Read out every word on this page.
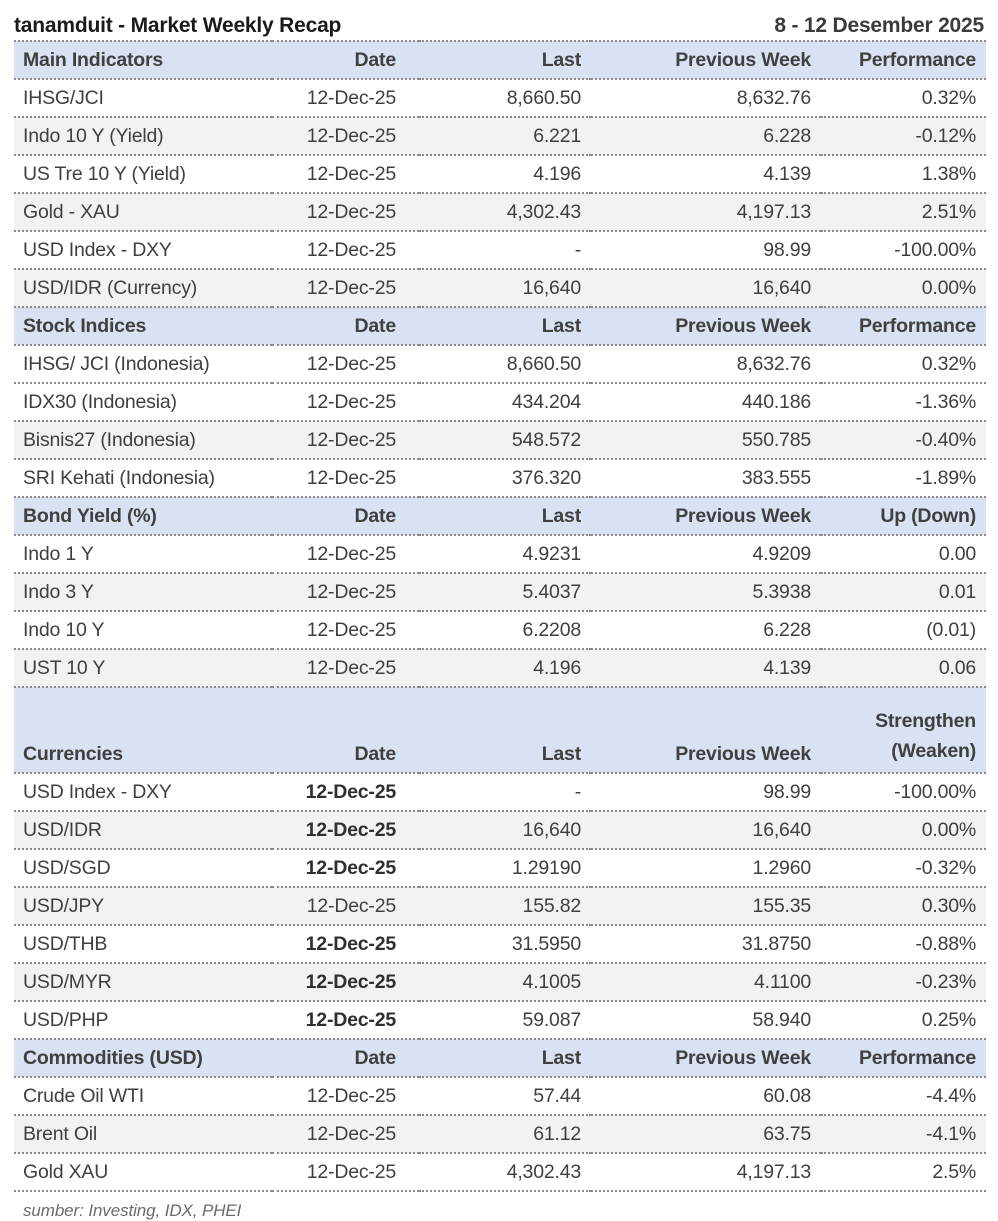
tanamduit - Market Weekly Recap	8 - 12 Desember 2025
Main Indicators	Date	Last	Previous Week	Performance
IHSG/JCI	12-Dec-25	8,660.50	8,632.76	0.32%
Indo 10 Y (Yield)	12-Dec-25	6.221	6.228	-0.12%
US Tre 10 Y (Yield)	12-Dec-25	4.196	4.139	1.38%
Gold - XAU	12-Dec-25	4,302.43	4,197.13	2.51%
USD Index - DXY	12-Dec-25	-	98.99	-100.00%
USD/IDR (Currency)	12-Dec-25	16,640	16,640	0.00%
Stock Indices	Date	Last	Previous Week	Performance
IHSG/ JCI (Indonesia)	12-Dec-25	8,660.50	8,632.76	0.32%
IDX30 (Indonesia)	12-Dec-25	434.204	440.186	-1.36%
Bisnis27 (Indonesia)	12-Dec-25	548.572	550.785	-0.40%
SRI Kehati (Indonesia)	12-Dec-25	376.320	383.555	-1.89%
Bond Yield (%)	Date	Last	Previous Week	Up (Down)
Indo 1 Y	12-Dec-25	4.9231	4.9209	0.00
Indo 3 Y	12-Dec-25	5.4037	5.3938	0.01
Indo 10 Y	12-Dec-25	6.2208	6.228	(0.01)
UST 10 Y	12-Dec-25	4.196	4.139	0.06
Currencies	Date	Last	Previous Week	Strengthen
(Weaken)

USD Index - DXY	12-Dec-25	-	98.99	-100.00%
USD/IDR	12-Dec-25	16,640	16,640	0.00%
USD/SGD	12-Dec-25	1.29190	1.2960	-0.32%
USD/JPY	12-Dec-25	155.82	155.35	0.30%
USD/THB	12-Dec-25	31.5950	31.8750	-0.88%
USD/MYR	12-Dec-25	4.1005	4.1100	-0.23%
USD/PHP	12-Dec-25	59.087	58.940	0.25%
Commodities (USD)	Date	Last	Previous Week	Performance
Crude Oil WTI	12-Dec-25	57.44	60.08	-4.4%
Brent Oil	12-Dec-25	61.12	63.75	-4.1%
Gold XAU	12-Dec-25	4,302.43	4,197.13	2.5%
sumber: Investing, IDX, PHEI
